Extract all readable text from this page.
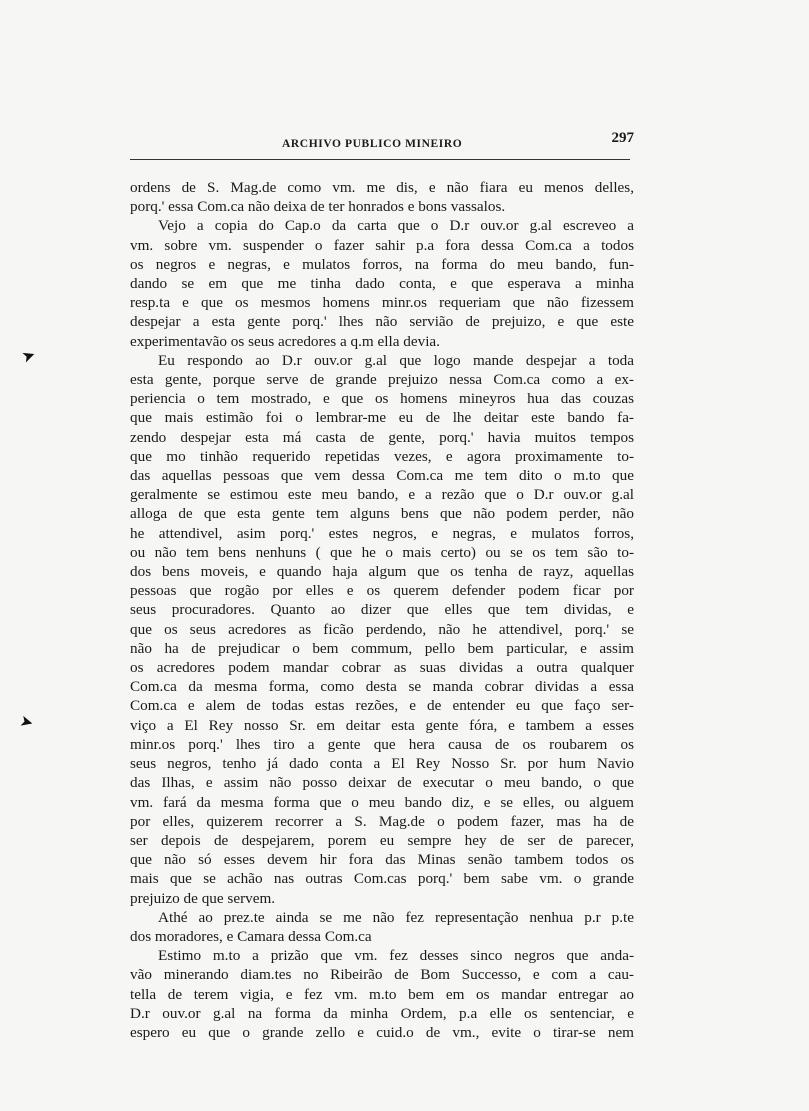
ARCHIVO PUBLICO MINEIRO	297
➤
➤
ordens de S. Mag.de como vm. me dis, e não fiara eu menos delles,
porq.' essa Com.ca não deixa de ter honrados e bons vassalos.
Vejo a copia do Cap.o da carta que o D.r ouv.or g.al escreveo a
vm. sobre vm. suspender o fazer sahir p.a fora dessa Com.ca a todos
os negros e negras, e mulatos forros, na forma do meu bando, fun-
dando se em que me tinha dado conta, e que esperava a minha
resp.ta e que os mesmos homens minr.os requeriam que não fizessem
despejar a esta gente porq.' lhes não servião de prejuizo, e que este
experimentavão os seus acredores a q.m ella devia.
Eu respondo ao D.r ouv.or g.al que logo mande despejar a toda
esta gente, porque serve de grande prejuizo nessa Com.ca como a ex-
periencia o tem mostrado, e que os homens mineyros hua das couzas
que mais estimão foi o lembrar-me eu de lhe deitar este bando fa-
zendo despejar esta má casta de gente, porq.' havia muitos tempos
que mo tinhão requerido repetidas vezes, e agora proximamente to-
das aquellas pessoas que vem dessa Com.ca me tem dito o m.to que
geralmente se estimou este meu bando, e a rezão que o D.r ouv.or g.al
alloga de que esta gente tem alguns bens que não podem perder, não
he attendivel, asim porq.' estes negros, e negras, e mulatos forros,
ou não tem bens nenhuns ( que he o mais certo) ou se os tem são to-
dos bens moveis, e quando haja algum que os tenha de rayz, aquellas
pessoas que rogão por elles e os querem defender podem ficar por
seus procuradores. Quanto ao dizer que elles que tem dividas, e
que os seus acredores as ficão perdendo, não he attendivel, porq.' se
não ha de prejudicar o bem commum, pello bem particular, e assim
os acredores podem mandar cobrar as suas dividas a outra qualquer
Com.ca da mesma forma, como desta se manda cobrar dividas a essa
Com.ca e alem de todas estas rezões, e de entender eu que faço ser-
viço a El Rey nosso Sr. em deitar esta gente fóra, e tambem a esses
minr.os porq.' lhes tiro a gente que hera causa de os roubarem os
seus negros, tenho já dado conta a El Rey Nosso Sr. por hum Navio
das Ilhas, e assim não posso deixar de executar o meu bando, o que
vm. fará da mesma forma que o meu bando diz, e se elles, ou alguem
por elles, quizerem recorrer a S. Mag.de o podem fazer, mas ha de
ser depois de despejarem, porem eu sempre hey de ser de parecer,
que não só esses devem hir fora das Minas senão tambem todos os
mais que se achão nas outras Com.cas porq.' bem sabe vm. o grande
prejuizo de que servem.
Athé ao prez.te ainda se me não fez representação nenhua p.r p.te
dos moradores, e Camara dessa Com.ca
Estimo m.to a prizão que vm. fez desses sinco negros que anda-
vão minerando diam.tes no Ribeirão de Bom Successo, e com a cau-
tella de terem vigia, e fez vm. m.to bem em os mandar entregar ao
D.r ouv.or g.al na forma da minha Ordem, p.a elle os sentenciar, e
espero eu que o grande zello e cuid.o de vm., evite o tirar-se nem
